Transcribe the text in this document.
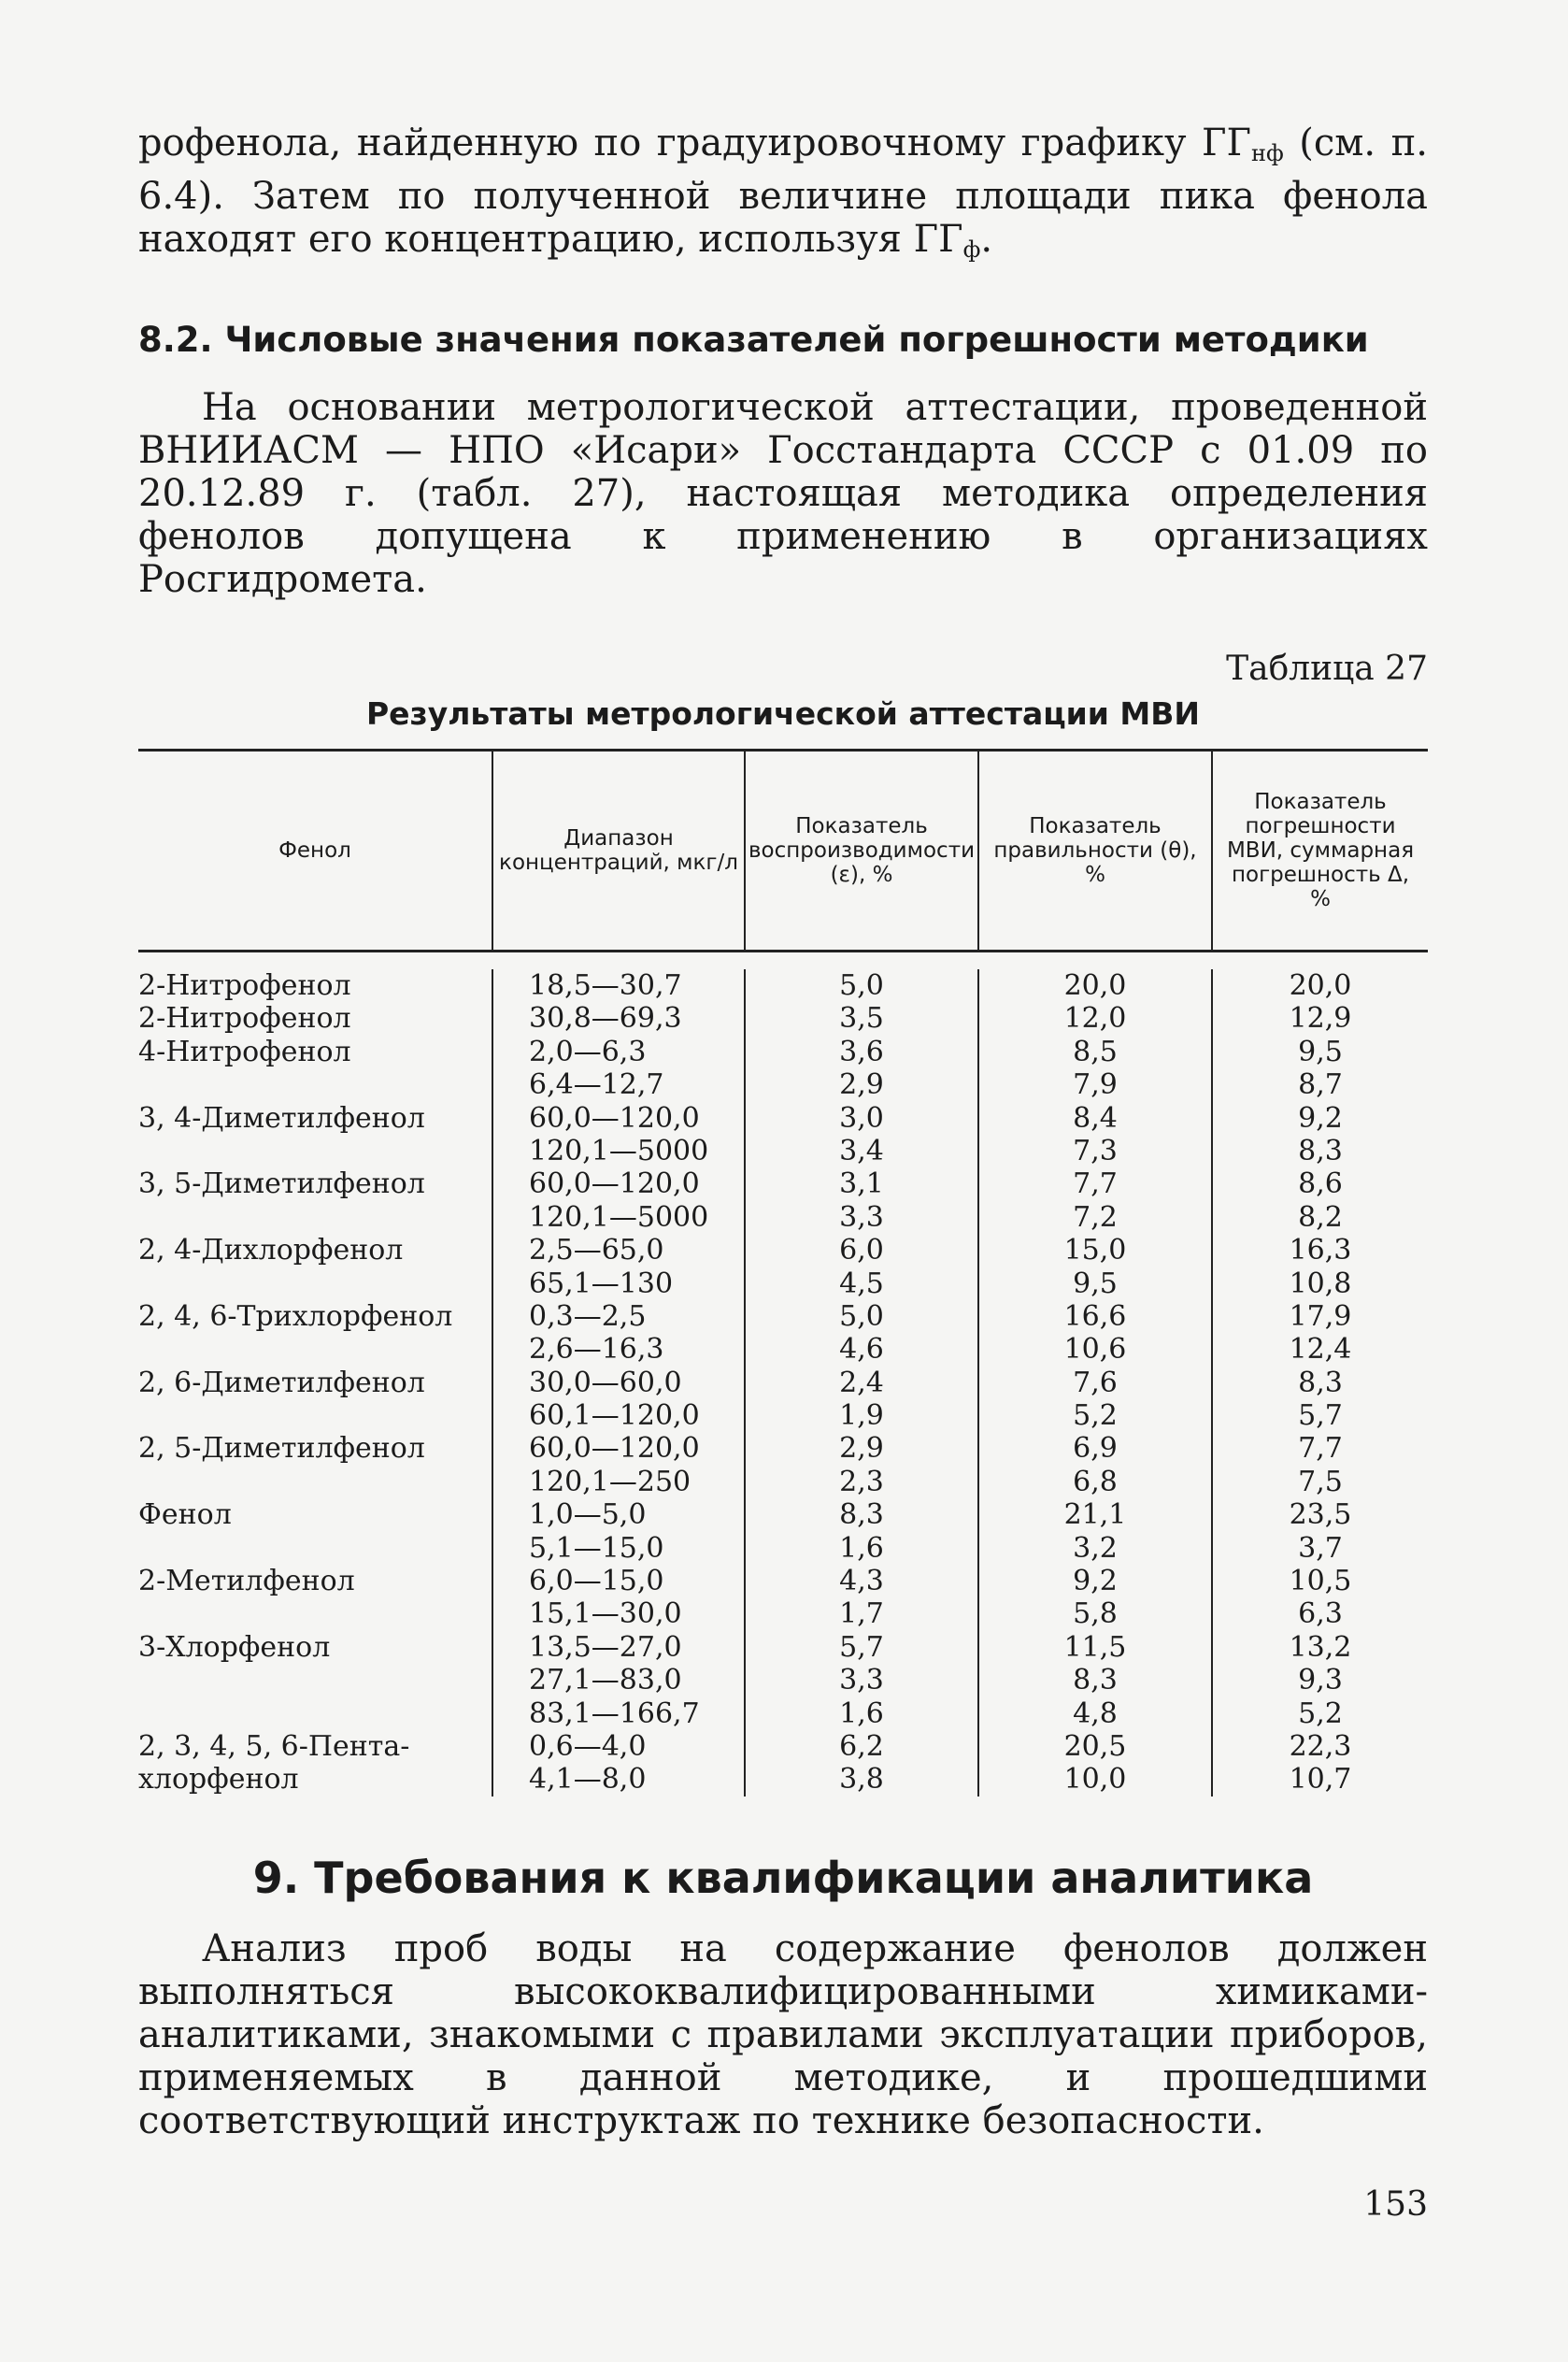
рофенола, найденную по градуировочному графику $ГГ_{нф}$ (см. п. 6.4). Затем по полученной величине площади пика фенола находят его концентрацию, используя $ГГ_ф$.

8.2. Числовые значения показателей погрешности методики

На основании метрологической аттестации, проведенной ВНИИАСМ — НПО «Исари» Госстандарта СССР с 01.09 по 20.12.89 г. (табл. 27), настоящая методика определения фенолов допущена к применению в организациях Росгидромета.

Таблица 27
Результаты метрологической аттестации МВИ
Фенол	Диапазон концентраций, мкг/л
Показатель воспроизводимости (ε), %
Показатель правильности (θ), %
Показатель погрешности МВИ, суммарная погрешность Δ, %
2-Нитрофенол
2-Нитрофенол
4-Нитрофенол
3, 4-Диметилфенол
3, 5-Диметилфенол
2, 4-Дихлорфенол
2, 4, 6-Трихлорфенол
2, 6-Диметилфенол
2, 5-Диметилфенол
Фенол
2-Метилфенол
3-Хлорфенол
2, 3, 4, 5, 6-Пента-
хлорфенол
18,5—30,7
30,8—69,3
2,0—6,3
6,4—12,7
60,0—120,0
120,1—5000
60,0—120,0
120,1—5000
2,5—65,0
65,1—130
0,3—2,5
2,6—16,3
30,0—60,0
60,1—120,0
60,0—120,0
120,1—250
1,0—5,0
5,1—15,0
6,0—15,0
15,1—30,0
13,5—27,0
27,1—83,0
83,1—166,7
0,6—4,0
4,1—8,0
5,0
3,5
3,6
2,9
3,0
3,4
3,1
3,3
6,0
4,5
5,0
4,6
2,4
1,9
2,9
2,3
8,3
1,6
4,3
1,7
5,7
3,3
1,6
6,2
3,8
20,0
12,0
8,5
7,9
8,4
7,3
7,7
7,2
15,0
9,5
16,6
10,6
7,6
5,2
6,9
6,8
21,1
3,2
9,2
5,8
11,5
8,3
4,8
20,5
10,0
20,0
12,9
9,5
8,7
9,2
8,3
8,6
8,2
16,3
10,8
17,9
12,4
8,3
5,7
7,7
7,5
23,5
3,7
10,5
6,3
13,2
9,3
5,2
22,3
10,7
9. Требования к квалификации аналитика

Анализ проб воды на содержание фенолов должен выполняться высококвалифицированными химиками-аналитиками, знакомыми с правилами эксплуатации приборов, применяемых в данной методике, и прошедшими соответствующий инструктаж по технике безопасности.

153
